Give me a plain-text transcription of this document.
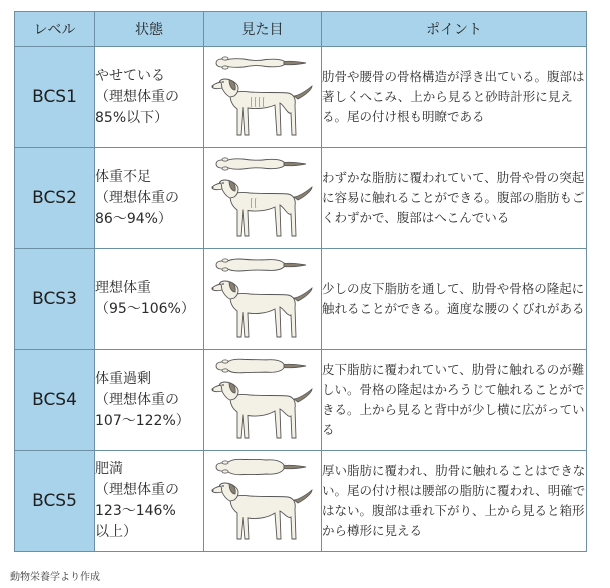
レベル	状態	見た目	ポイント
BCS1	やせている
（理想体重の
85%以下）		肋骨や腰骨の骨格構造が浮き出ている。腹部は著しくへこみ、上から見ると砂時計形に見える。尾の付け根も明瞭である
BCS2	体重不足
（理想体重の
86〜94%）		わずかな脂肪に覆われていて、肋骨や骨の突起に容易に触れることができる。腹部の脂肪もごくわずかで、腹部はへこんでいる
BCS3	理想体重
（95〜106%）		少しの皮下脂肪を通して、肋骨や骨格の隆起に触れることができる。適度な腰のくびれがある
BCS4	体重過剰
（理想体重の
107〜122%）		皮下脂肪に覆われていて、肋骨に触れるのが難しい。骨格の隆起はかろうじて触れることができる。上から見ると背中が少し横に広がっている
BCS5	肥満
（理想体重の
123〜146%
以上）		厚い脂肪に覆われ、肋骨に触れることはできない。尾の付け根は腰部の脂肪に覆われ、明確ではない。腹部は垂れ下がり、上から見ると箱形から樽形に見える
動物栄養学より作成
